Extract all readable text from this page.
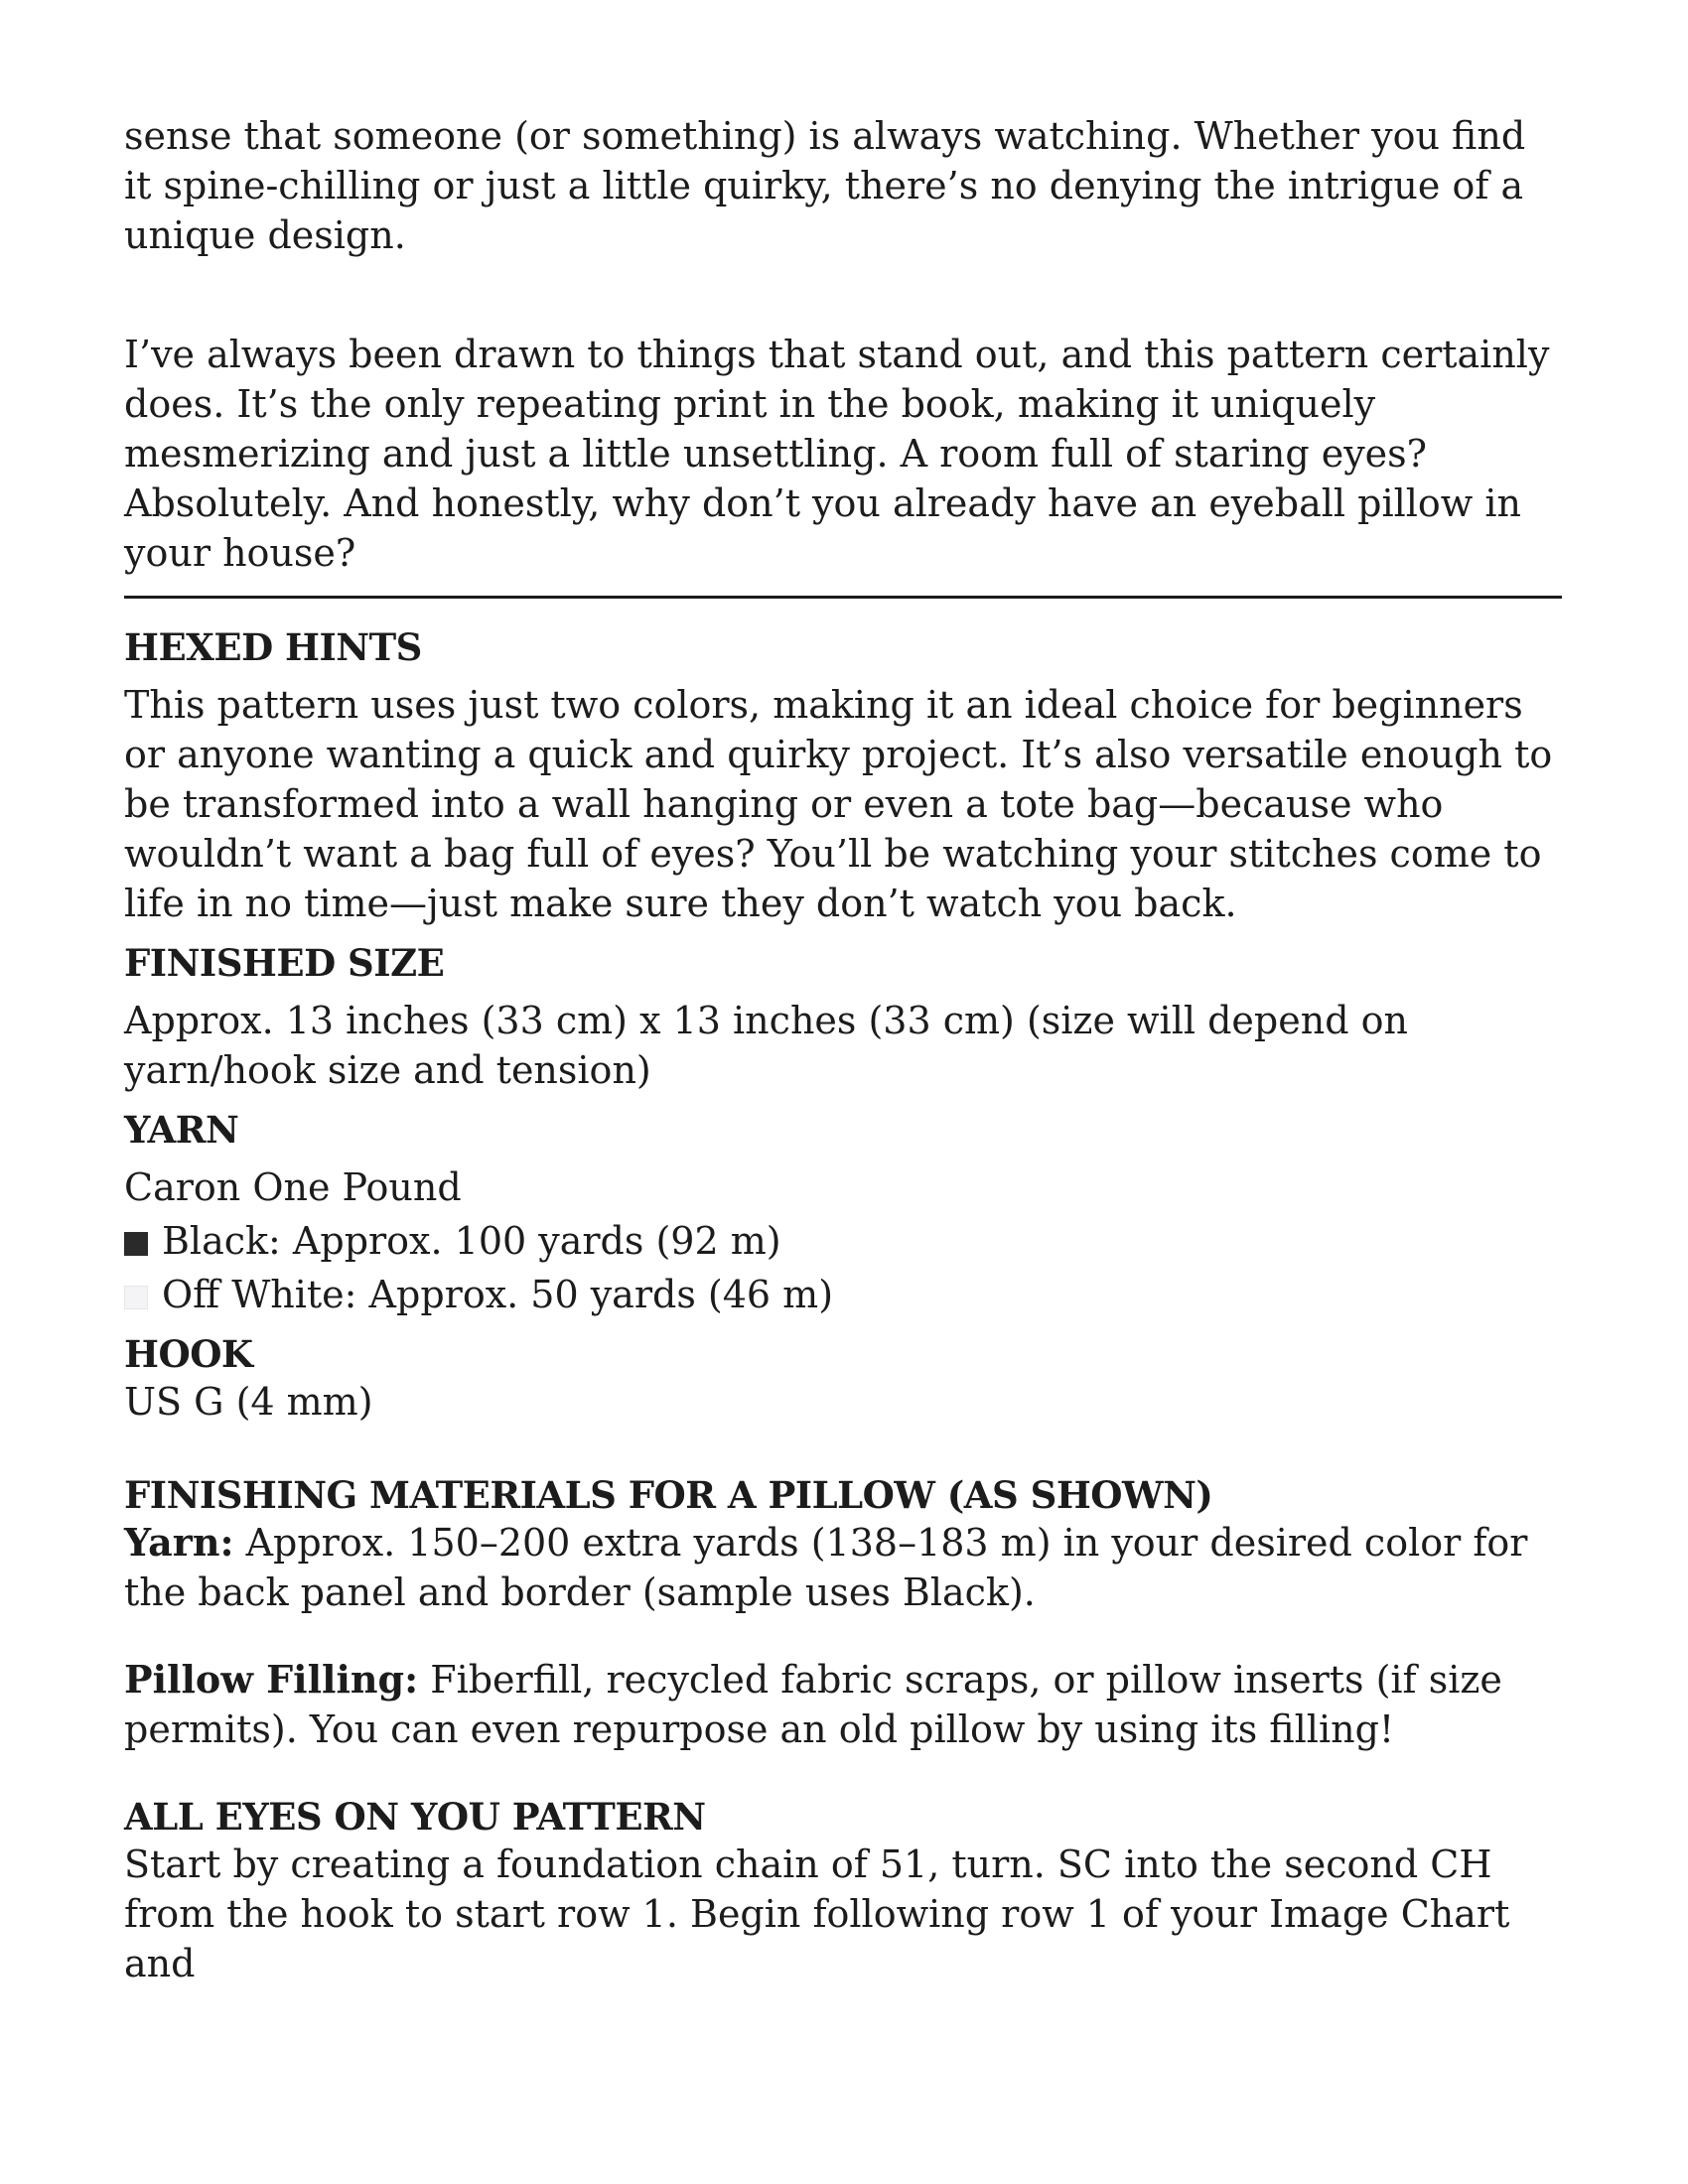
sense that someone (or something) is always watching. Whether you find it spine-chilling or just a little quirky, there’s no denying the intrigue of a unique design.

I’ve always been drawn to things that stand out, and this pattern certainly does. It’s the only repeating print in the book, making it uniquely mesmerizing and just a little unsettling. A room full of staring eyes? Absolutely. And honestly, why don’t you already have an eyeball pillow in your house?

HEXED HINTS

This pattern uses just two colors, making it an ideal choice for beginners or anyone wanting a quick and quirky project. It’s also versatile enough to be transformed into a wall hanging or even a tote bag—because who wouldn’t want a bag full of eyes? You’ll be watching your stitches come to life in no time—just make sure they don’t watch you back.

FINISHED SIZE

Approx. 13 inches (33 cm) x 13 inches (33 cm) (size will depend on yarn/hook size and tension)

YARN

Caron One Pound

Black: Approx. 100 yards (92 m)

Off White: Approx. 50 yards (46 m)

HOOK

US G (4 mm)

FINISHING MATERIALS FOR A PILLOW (AS SHOWN)

Yarn: Approx. 150–200 extra yards (138–183 m) in your desired color for the back panel and border (sample uses Black).

Pillow Filling: Fiberfill, recycled fabric scraps, or pillow inserts (if size permits). You can even repurpose an old pillow by using its filling!

ALL EYES ON YOU PATTERN

Start by creating a foundation chain of 51, turn. SC into the second CH from the hook to start row 1. Begin following row 1 of your Image Chart and
